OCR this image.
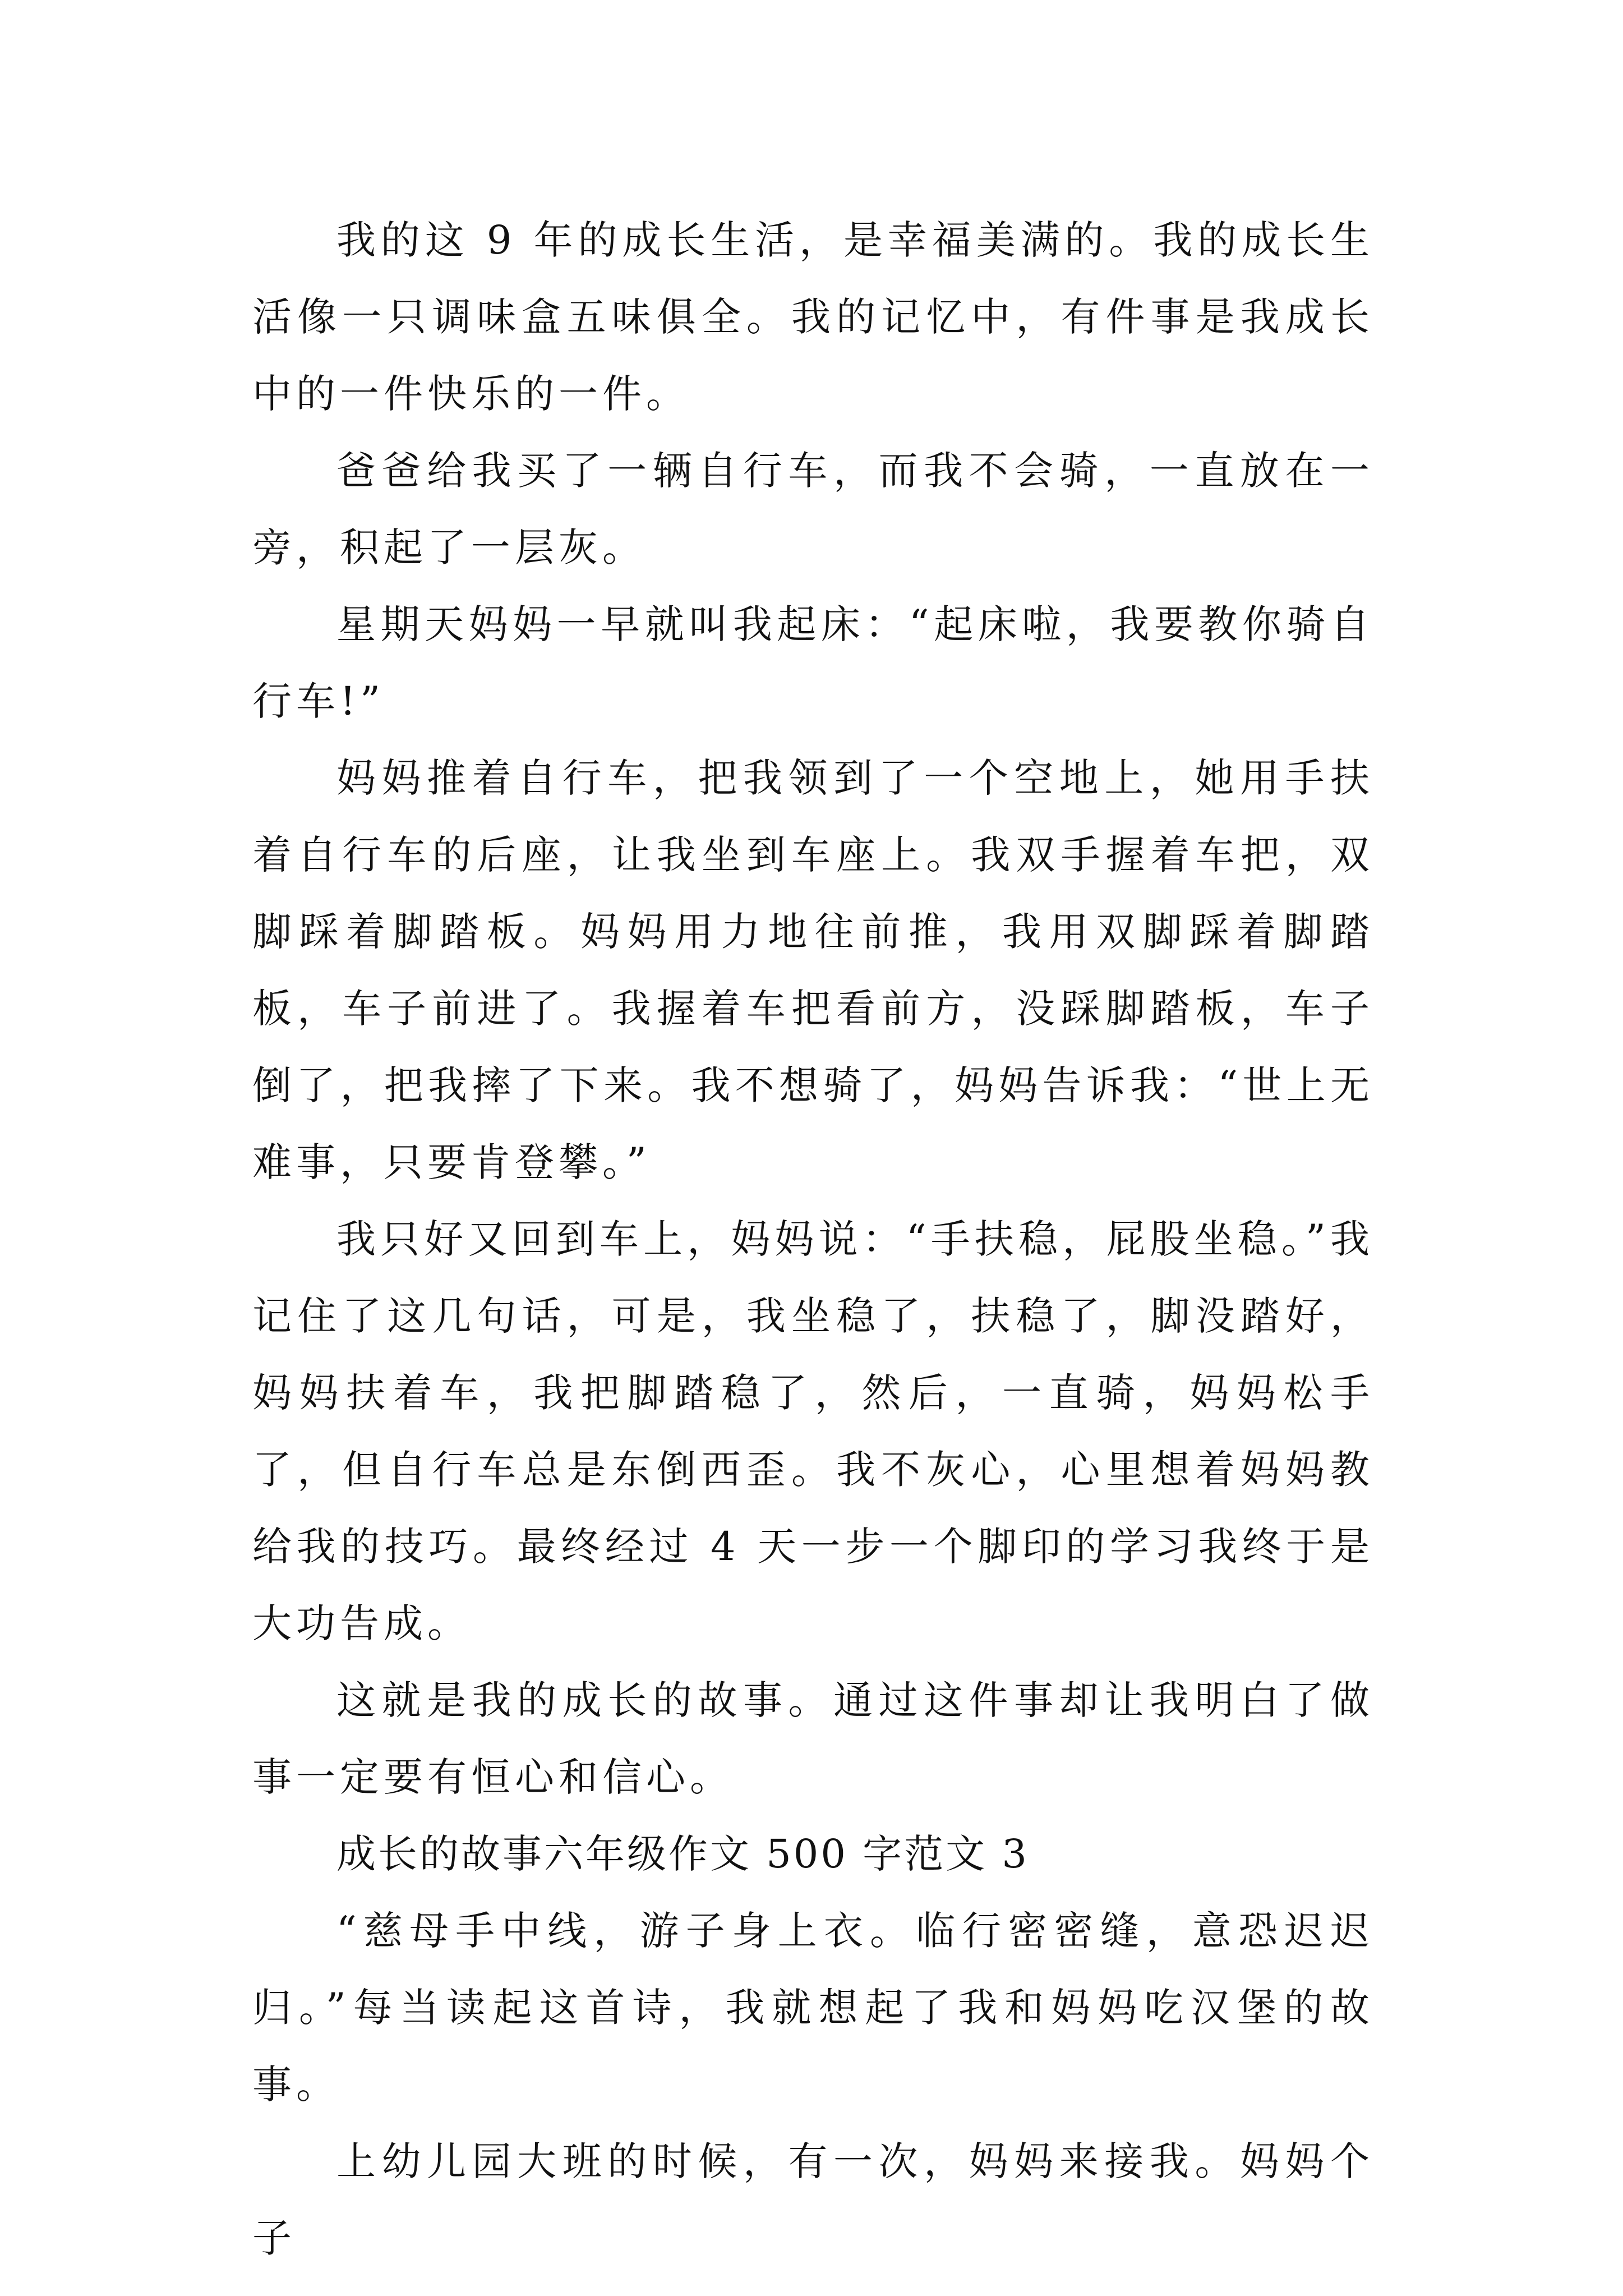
我的这 9 年的成长生活，是幸福美满的。我的成长生活像一只调味盒五味俱全。我的记忆中，有件事是我成长中的一件快乐的一件。

爸爸给我买了一辆自行车，而我不会骑，一直放在一旁，积起了一层灰。

星期天妈妈一早就叫我起床：“起床啦，我要教你骑自行车!”

妈妈推着自行车，把我领到了一个空地上，她用手扶着自行车的后座，让我坐到车座上。我双手握着车把，双脚踩着脚踏板。妈妈用力地往前推，我用双脚踩着脚踏板，车子前进了。我握着车把看前方，没踩脚踏板，车子倒了，把我摔了下来。我不想骑了，妈妈告诉我：“世上无难事，只要肯登攀。”

我只好又回到车上，妈妈说：“手扶稳，屁股坐稳。”我记住了这几句话，可是，我坐稳了，扶稳了，脚没踏好，妈妈扶着车，我把脚踏稳了，然后，一直骑，妈妈松手了，但自行车总是东倒西歪。我不灰心，心里想着妈妈教给我的技巧。最终经过 4 天一步一个脚印的学习我终于是大功告成。

这就是我的成长的故事。通过这件事却让我明白了做事一定要有恒心和信心。

成长的故事六年级作文 500 字范文 3

“慈母手中线，游子身上衣。临行密密缝，意恐迟迟归。”每当读起这首诗，我就想起了我和妈妈吃汉堡的故事。

上幼儿园大班的时候，有一次，妈妈来接我。妈妈个子
